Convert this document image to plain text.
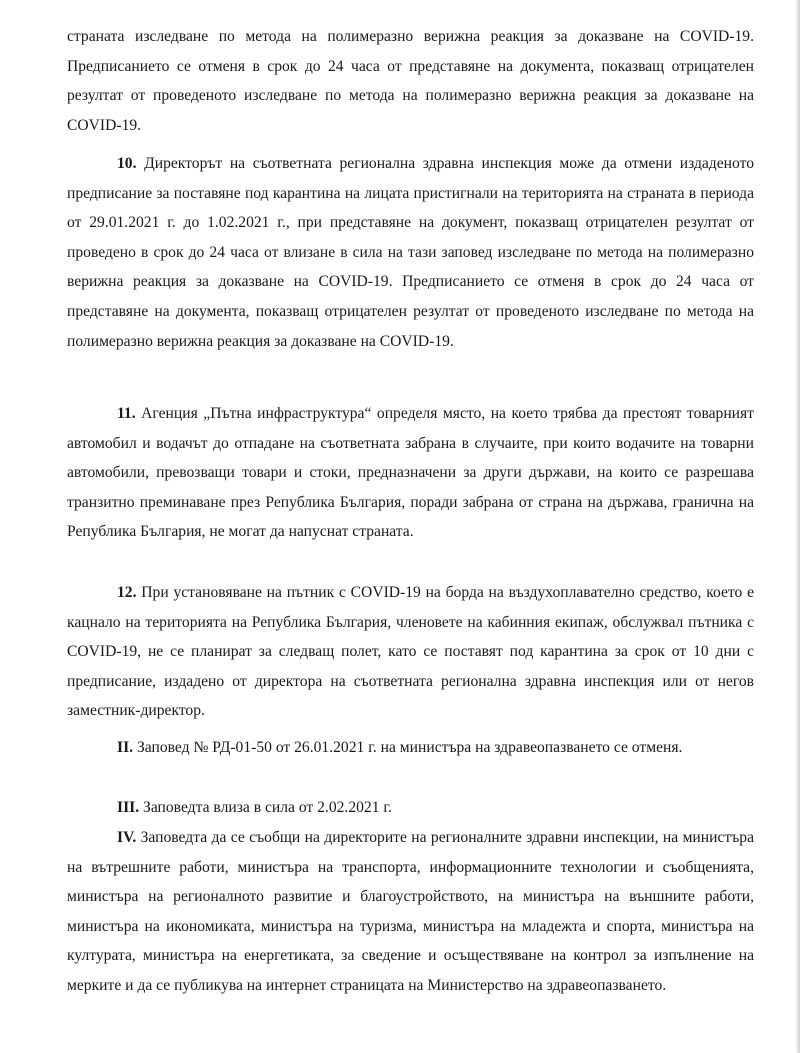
страната изследване по метода на полимеразно верижна реакция за доказване на COVID-19. Предписанието се отменя в срок до 24 часа от представяне на документа, показващ отрицателен резултат от проведеното изследване по метода на полимеразно верижна реакция за доказване на COVID-19.

10. Директорът на съответната регионална здравна инспекция може да отмени издаденото предписание за поставяне под карантина на лицата пристигнали на територията на страната в периода от 29.01.2021 г. до 1.02.2021 г., при представяне на документ, показващ отрицателен резултат от проведено в срок до 24 часа от влизане в сила на тази заповед изследване по метода на полимеразно верижна реакция за доказване на COVID-19. Предписанието се отменя в срок до 24 часа от представяне на документа, показващ отрицателен резултат от проведеното изследване по метода на полимеразно верижна реакция за доказване на COVID-19.

11. Агенция „Пътна инфраструктура“ определя място, на което трябва да престоят товарният автомобил и водачът до отпадане на съответната забрана в случаите, при които водачите на товарни автомобили, превозващи товари и стоки, предназначени за други държави, на които се разрешава транзитно преминаване през Република България, поради забрана от страна на държава, гранична на Република България, не могат да напуснат страната.

12. При установяване на пътник с COVID-19 на борда на въздухоплавателно средство, което е кацнало на територията на Република България, членовете на кабинния екипаж, обслужвал пътника с COVID-19, не се планират за следващ полет, като се поставят под карантина за срок от 10 дни с предписание, издадено от директора на съответната регионална здравна инспекция или от негов заместник-директор.

II. Заповед № РД-01-50 от 26.01.2021 г. на министъра на здравеопазването се отменя.

III. Заповедта влиза в сила от 2.02.2021 г.

IV. Заповедта да се съобщи на директорите на регионалните здравни инспекции, на министъра на вътрешните работи, министъра на транспорта, информационните технологии и съобщенията, министъра на регионалното развитие и благоустройството, на министъра на външните работи, министъра на икономиката, министъра на туризма, министъра на младежта и спорта, министъра на културата, министъра на енергетиката, за сведение и осъществяване на контрол за изпълнение на мерките и да се публикува на интернет страницата на Министерство на здравеопазването.
